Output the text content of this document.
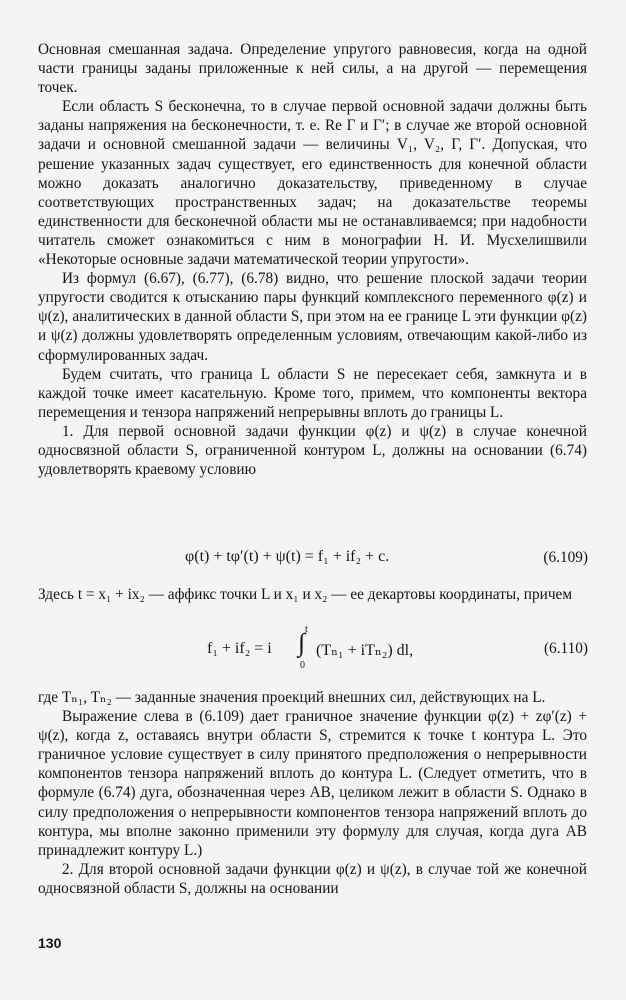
Основная смешанная задача. Определение упругого равновесия, когда на одной части границы заданы приложенные к ней силы, а на другой — перемещения точек.

Если область S бесконечна, то в случае первой основной задачи должны быть заданы напряжения на бесконечности, т. е. Re Г и Г′; в случае же второй основной задачи и основной смешанной задачи — величины V₁, V₂, Г, Г′. Допуская, что решение указанных задач существует, его единственность для конечной области можно доказать аналогично доказательству, приведенному в случае соответствующих пространственных задач; на доказательстве теоремы единственности для бесконечной области мы не останавливаемся; при надобности читатель сможет ознакомиться с ним в монографии Н. И. Мусхелишвили «Некоторые основные задачи математической теории упругости».

Из формул (6.67), (6.77), (6.78) видно, что решение плоской задачи теории упругости сводится к отысканию пары функций комплексного переменного φ(z) и ψ(z), аналитических в данной области S, при этом на ее границе L эти функции φ(z) и ψ(z) должны удовлетворять определенным условиям, отвечающим какой-либо из сформулированных задач.

Будем считать, что граница L области S не пересекает себя, замкнута и в каждой точке имеет касательную. Кроме того, примем, что компоненты вектора перемещения и тензора напряжений непрерывны вплоть до границы L.

1. Для первой основной задачи функции φ(z) и ψ(z) в случае конечной односвязной области S, ограниченной контуром L, должны на основании (6.74) удовлетворять краевому условию

φ(t) + tφ′(t) + ψ(t) = f₁ + if₂ + c.	(6.109)
Здесь t = x₁ + ix₂ — аффикс точки L и x₁ и x₂ — ее декартовы координаты, причем
f₁ + if₂ = i ∫ t
0
(Tₙ₁ + iTₙ₂) dl,	(6.110)

где Tₙ₁, Tₙ₂ — заданные значения проекций внешних сил, действующих на L.

Выражение слева в (6.109) дает граничное значение функции φ(z) + zφ′(z) + ψ(z), когда z, оставаясь внутри области S, стремится к точке t контура L. Это граничное условие существует в силу принятого предположения о непрерывности компонентов тензора напряжений вплоть до контура L. (Следует отметить, что в формуле (6.74) дуга, обозначенная через AB, целиком лежит в области S. Однако в силу предположения о непрерывности компонентов тензора напряжений вплоть до контура, мы вполне законно применили эту формулу для случая, когда дуга AB принадлежит контуру L.)

2. Для второй основной задачи функции φ(z) и ψ(z), в случае той же конечной односвязной области S, должны на основании

130
